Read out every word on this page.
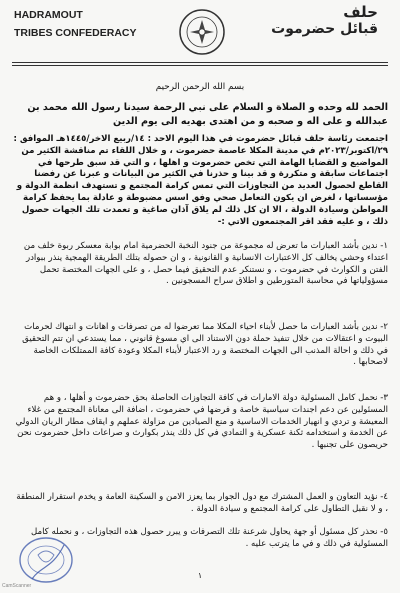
HADRAMOUT
TRIBES CONFEDERACY
حلف
قبائل حضرموت
بسم الله الرحمن الرحيم
الحمد لله وحده و الصلاة و السلام على نبي الرحمة سيدنا رسول الله محمد بن عبدالله و على اله و صحبه و من اهتدى بهديه الى يوم الدين
اجتمعت رئاسة حلف قبائل حضرموت في هذا اليوم الاحد : ١٤/ربيع الاخر/١٤٤٥هـ الموافق : ٢٩/اكتوبر/٢٠٢٣م في مدينة المكلا عاصمة حضرموت ، و خلال اللقاء تم مناقشة الكثير من المواضيع و القضايا الهامة التي تخص حضرموت و اهلها ، و التي قد سبق طرحها في اجتماعات سابقة و متكررة و قد بينا و حذرنا في الكثير من البيانات و عبرنا عن رفضنا القاطع لحصول العديد من التجاوزات التي تمس كرامة المجتمع و تستهدف انظمة الدولة و مؤسساتها ، لغرض ان يكون التعامل صحي وفق اسس مضبوطة و عادلة بما يحفظ كرامة المواطن وسيادة الدولة ، الا ان كل ذلك لم يلاق آذان صاغية و تعمدت تلك الجهات حصول ذلك ، و عليه فقد اقر المجتمعون الاتي :-
١- ندين بأشد العبارات ما تعرض له مجموعة من جنود النخبة الحضرمية امام بوابة معسكر ربوة خلف من اعتداء وحشي يخالف كل الاعتبارات الانسانية و القانونية ، و ان حصوله بتلك الطريقة الهمجية ينذر ببوادر الفتن و الكوارث في حضرموت ، و نستنكر عدم التحقيق فيما حصل ، و على الجهات المختصة تحمل مسؤولياتها في محاسبة المتورطين و اطلاق سراح المسجونين .
٢- ندين بأشد العبارات ما حصل لأبناء احياء المكلا مما تعرضوا له من تصرفات و اهانات و انتهاك لحرمات البيوت و اعتقالات من خلال تنفيذ حملة دون الاستناد الى اي مسوغ قانوني ، مما يستدعي ان تتم التحقيق في ذلك و احالة المذنب الى الجهات المختصة و رد الاعتبار لأبناء المكلا وعودة كافة الممتلكات الخاصة لاصحابها .
٣- نحمل كامل المسئولية دولة الامارات في كافة التجاوزات الحاصلة بحق حضرموت و أهلها ، و هم المسئولين عن دعم اجندات سياسية خاصة و فرضها في حضرموت ، اضافة الى معاناة المجتمع من غلاء المعيشة و تردي و انهيار الخدمات الاساسية و منع الصيادين من مزاولة عملهم و ايقاف مطار الريان الدولي عن الخدمة و استخدامه ثكنة عسكرية و التمادي في كل ذلك ينذر بكوارث و صراعات داخل حضرموت نحن حريصون على تجنبها .
٤- نؤيد التعاون و العمل المشترك مع دول الجوار بما يعزز الامن و السكينة العامة و يخدم استقرار المنطقة ، و لا نقبل التطاول على كرامة المجتمع و سيادة الدولة .
٥- نحذر كل مسئول أو جهة يحاول شرعنة تلك التصرفات و يبرر حصول هذه التجاوزات ، و نحمله كامل المسئولية في ذلك و في ما يترتب عليه .
١
CamScanner
